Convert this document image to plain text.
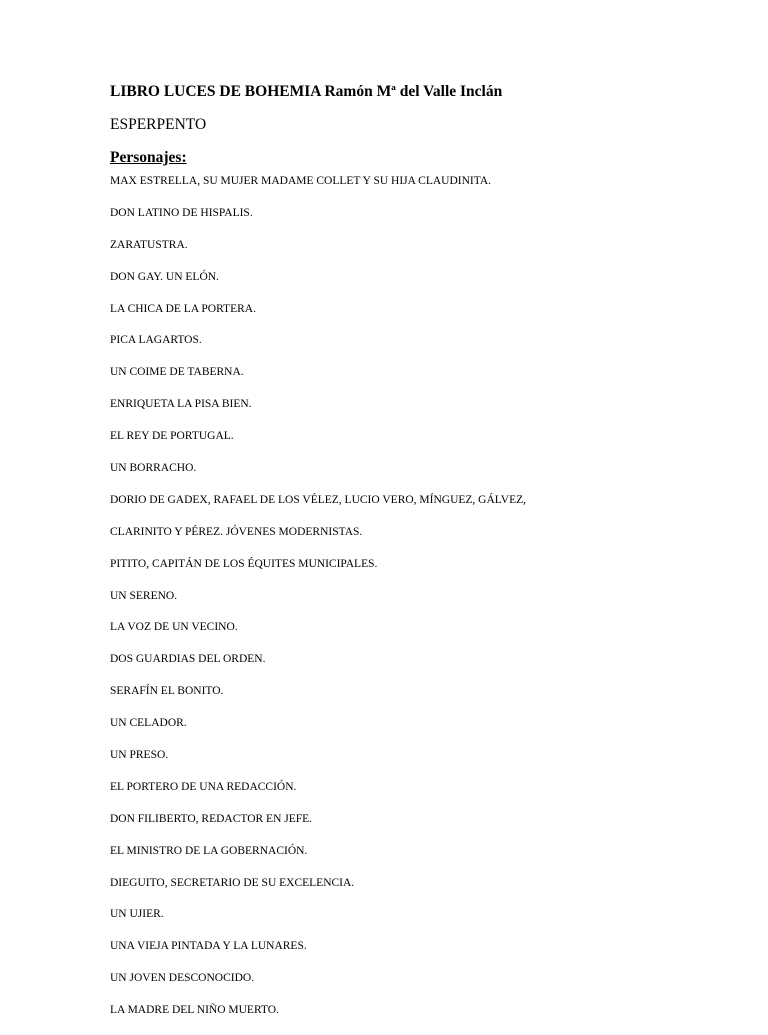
LIBRO LUCES DE BOHEMIA Ramón Mª del Valle Inclán
ESPERPENTO
Personajes:
MAX ESTRELLA, SU MUJER MADAME COLLET Y SU HIJA CLAUDINITA.
DON LATINO DE HISPALIS.
ZARATUSTRA.
DON GAY. UN ELÓN.
LA CHICA DE LA PORTERA.
PICA LAGARTOS.
UN COIME DE TABERNA.
ENRIQUETA LA PISA BIEN.
EL REY DE PORTUGAL.
UN BORRACHO.
DORIO DE GADEX, RAFAEL DE LOS VÉLEZ, LUCIO VERO, MÍNGUEZ, GÁLVEZ,
CLARINITO Y PÉREZ. JÓVENES MODERNISTAS.
PITITO, CAPITÁN DE LOS ÉQUITES MUNICIPALES.
UN SERENO.
LA VOZ DE UN VECINO.
DOS GUARDIAS DEL ORDEN.
SERAFÍN EL BONITO.
UN CELADOR.
UN PRESO.
EL PORTERO DE UNA REDACCIÓN.
DON FILIBERTO, REDACTOR EN JEFE.
EL MINISTRO DE LA GOBERNACIÓN.
DIEGUITO, SECRETARIO DE SU EXCELENCIA.
UN UJIER.
UNA VIEJA PINTADA Y LA LUNARES.
UN JOVEN DESCONOCIDO.
LA MADRE DEL NIÑO MUERTO.
